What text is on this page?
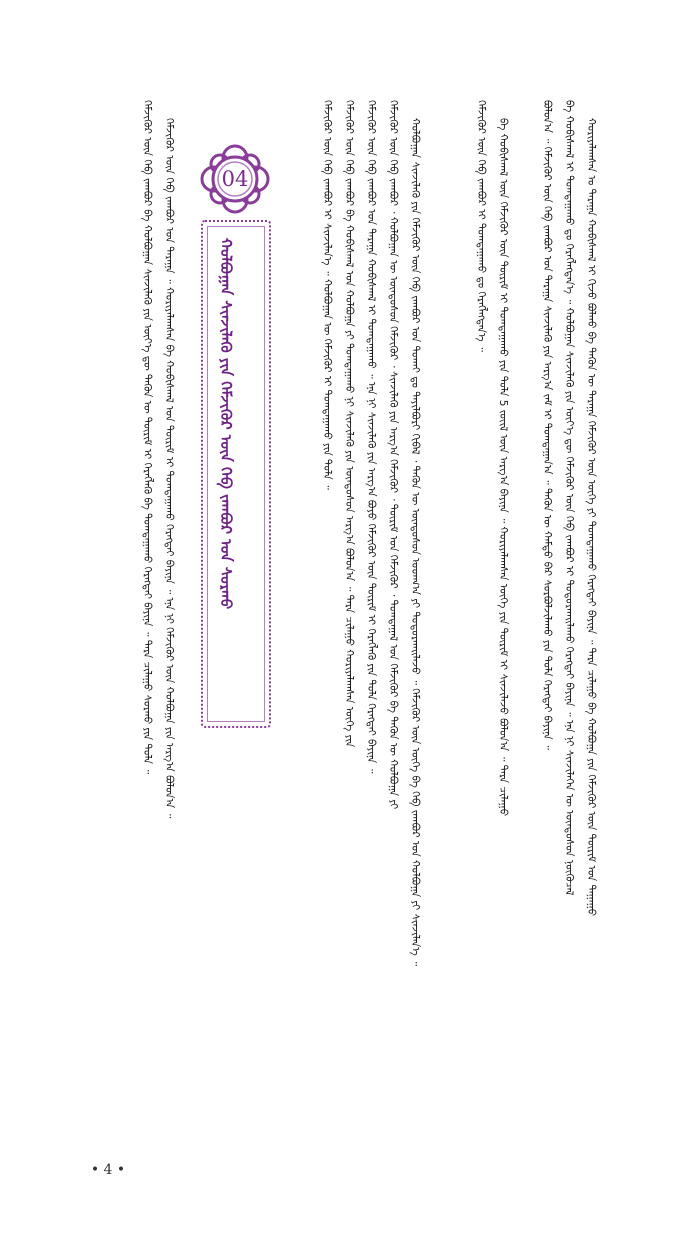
ᠬᠣᠷᠢᠶᠠᠯᠠᠭᠰᠠᠨ ᠤ ᠳᠠᠷᠠᠭᠠ ᠬᠤᠪᠢᠰᠬᠠᠯ ᠢ ᠬᠢᠵᠦ ᠪᠣᠯᠬᠤ ᠪᠠ ᠲᠡᠭᠦᠨ ᠦ ᠳᠠᠷᠠᠭᠠ ᠬᠡᠮᠵᠢᠭᠦᠷ ᠦᠨ ᠦᠭᠡ ᠶᠢ ᠲᠣᠭᠲᠠᠭᠠᠬᠤ ᠬᠡᠷᠡᠭᠲᠡᠢ ᠪᠠᠶᠢᠨᠠ ᠃ ᠲᠡᠷᠡ ᠴᠢᠯᠠᠭᠤ ᠪᠠ ᠬᠣᠯᠪᠣᠭᠠ ᠶᠢᠨ ᠬᠡᠮᠵᠢᠭᠦᠷ ᠦᠨ ᠳᠦᠷᠢᠮ ᠤᠨ ᠳᠠᠭᠠᠭᠤ
ᠪᠠ ᠬᠤᠪᠢᠰᠬᠠᠯ ᠢ ᠲᠣᠭᠲᠠᠭᠠᠬᠤ ᠳᠤ ᠬᠡᠷᠡᠭᠯᠡᠭᠳᠡᠨ᠎ᠡ ᠃ ᠬᠣᠯᠪᠣᠭᠠᠨ ᠰᠢᠨᠵᠢᠯᠡᠬᠦ ᠶᠢᠨ ᠦᠶ᠎ᠡ ᠳᠦ ᠬᠡᠮᠵᠢᠭᠦᠷ ᠦᠨ ᠬᠡᠪ ᠵᠠᠭᠪᠤᠷ ᠢ ᠲᠣᠳᠣᠷᠬᠠᠢᠯᠠᠬᠤ ᠬᠡᠷᠡᠭᠲᠡᠢ ᠪᠠᠶᠢᠨᠠ ᠃ ᠡᠨᠡ ᠨᠢ ᠰᠢᠨᠵᠢᠯᠡᠭᠡᠨ ᠦ ᠦᠨᠳᠦᠰᠦᠨ ᠨᠦᠬᠦᠴᠡᠯ
ᠪᠣᠯᠤᠨ᠎ᠠ ᠃ ᠬᠡᠮᠵᠢᠭᠦᠷ ᠦᠨ ᠬᠡᠪ ᠵᠠᠭᠪᠤᠷ ᠤᠨ ᠳᠠᠷᠠᠭᠠ ᠰᠢᠨᠵᠢᠯᠡᠬᠦ ᠶᠢᠨ ᠠᠷᠭ᠎ᠠ ᠵᠠᠮ ᠢ ᠲᠣᠭᠲᠠᠭᠠᠨ᠎ᠠ ᠃ ᠲᠡᠭᠦᠨ ᠦ ᠬᠠᠮᠲᠤ ᠪᠡᠷ ᠰᠤᠷᠪᠤᠯᠵᠢᠯᠠᠬᠤ ᠶᠢᠨ ᠲᠤᠯᠠ ᠬᠡᠷᠡᠭᠲᠡᠢ ᠪᠠᠶᠢᠨᠠ ᠃
ᠪᠠ ᠬᠤᠪᠢᠰᠬᠠᠯ ᠦᠨ ᠬᠡᠮᠵᠢᠭᠦᠷ ᠦᠨ ᠳᠦᠷᠢᠮ ᠢ ᠲᠣᠭᠲᠠᠭᠠᠬᠤ ᠶᠢᠨ ᠲᠤᠯᠠ 5 ᠵᠦᠢᠯ ᠦᠨ ᠠᠷᠭ᠎ᠠ ᠪᠠᠶᠢᠨᠠ ᠃ ᠬᠣᠷᠢᠶᠠᠯᠠᠭᠰᠠᠨ ᠦᠭᠡ ᠶᠢᠨ ᠳᠦᠷᠢᠮ ᠢ ᠰᠢᠨᠵᠢᠯᠡᠵᠦ ᠪᠣᠯᠤᠨ᠎ᠠ ᠃ ᠲᠡᠷᠡ ᠴᠢᠯᠠᠭᠤ
ᠬᠡᠮᠵᠢᠭᠦᠷ ᠦᠨ ᠬᠡᠪ ᠵᠠᠭᠪᠤᠷ ᠢ ᠲᠣᠭᠲᠠᠭᠠᠬᠤ ᠳᠤ ᠬᠡᠷᠡᠭᠯᠡᠭᠳᠡᠨ᠎ᠡ ᠃
ᠬᠣᠯᠪᠣᠭᠠᠨ ᠰᠢᠨᠵᠢᠯᠡᠬᠦ ᠶᠢᠨ ᠬᠡᠮᠵᠢᠭᠦᠷ ᠦᠨ ᠬᠡᠪ ᠵᠠᠭᠪᠤᠷ ᠤᠨ ᠲᠤᠬᠠᠢ ᠳᠤ ᠲᠠᠶᠢᠯᠪᠤᠷᠢ ᠬᠢᠪᠡᠯ ᠂ ᠲᠡᠭᠦᠨ ᠦ ᠦᠨᠳᠦᠰᠦᠨ ᠤᠳᠬ᠎ᠠ ᠶᠢ ᠲᠣᠳᠣᠷᠬᠠᠢᠯᠠᠵᠤ ᠃ ᠬᠡᠮᠵᠢᠭᠦᠷ ᠦᠨ ᠦᠭᠡ ᠪᠠ ᠬᠡᠪ ᠵᠠᠭᠪᠤᠷ ᠤᠨ ᠬᠣᠯᠪᠣᠭᠠ ᠶᠢ ᠰᠢᠨᠵᠢᠯᠡᠨ᠎ᠡ ᠃
ᠬᠡᠮᠵᠢᠭᠦᠷ ᠦᠨ ᠬᠡᠪ ᠵᠠᠭᠪᠤᠷ ᠂ ᠬᠣᠯᠪᠣᠭᠠᠨ ᠦ ᠦᠨᠳᠦᠰᠦᠨ ᠬᠡᠮᠵᠢᠭᠦᠷ ᠂ ᠰᠢᠨᠵᠢᠯᠡᠬᠦ ᠶᠢᠨ ᠠᠷᠭ᠎ᠠ ᠬᠡᠮᠵᠢᠭᠦᠷ ᠂ ᠳᠦᠷᠢᠮ ᠤᠨ ᠬᠡᠮᠵᠢᠭᠦᠷ ᠂ ᠲᠣᠭᠲᠠᠭᠠᠯ ᠤᠨ ᠬᠡᠮᠵᠢᠭᠦᠷ ᠪᠠ ᠲᠡᠭᠦᠨ ᠦ ᠬᠣᠯᠪᠣᠭᠠ ᠶᠢ
ᠬᠡᠮᠵᠢᠭᠦᠷ ᠦᠨ ᠬᠡᠪ ᠵᠠᠭᠪᠤᠷ ᠤᠨ ᠳᠠᠷᠠᠭᠠ ᠬᠤᠪᠢᠰᠬᠠᠯ ᠢ ᠲᠣᠭᠲᠠᠭᠠᠬᠤ ᠃ ᠡᠨᠡ ᠨᠢ ᠰᠢᠨᠵᠢᠯᠡᠬᠦ ᠶᠢᠨ ᠠᠷᠭ᠎ᠠ ᠪᠤᠶᠤ ᠬᠡᠮᠵᠢᠭᠦᠷ ᠦᠨ ᠳᠦᠷᠢᠮ ᠢ ᠬᠡᠷᠡᠭᠯᠡᠬᠦ ᠶᠢᠨ ᠲᠤᠯᠠ ᠬᠡᠷᠡᠭᠲᠡᠢ ᠪᠠᠶᠢᠨᠠ ᠃
ᠬᠡᠮᠵᠢᠭᠦᠷ ᠦᠨ ᠬᠡᠪ ᠵᠠᠭᠪᠤᠷ ᠪᠠ ᠬᠤᠪᠢᠰᠬᠠᠯ ᠤᠨ ᠬᠣᠯᠪᠣᠭᠠ ᠶᠢ ᠲᠣᠭᠲᠠᠭᠠᠬᠤ ᠨᠢ ᠰᠢᠨᠵᠢᠯᠡᠬᠦ ᠶᠢᠨ ᠦᠨᠳᠦᠰᠦᠨ ᠠᠷᠭ᠎ᠠ ᠪᠣᠯᠤᠨ᠎ᠠ ᠃ ᠲᠡᠷᠡ ᠴᠢᠯᠠᠭᠤ ᠬᠣᠷᠢᠶᠠᠯᠠᠭᠰᠠᠨ ᠦᠭᠡ ᠶᠢᠨ
ᠬᠡᠮᠵᠢᠭᠦᠷ ᠦᠨ ᠬᠡᠪ ᠵᠠᠭᠪᠤᠷ ᠢ ᠰᠢᠨᠵᠢᠯᠡᠨ᠎ᠡ ᠃ ᠬᠣᠯᠪᠣᠭᠠᠨ ᠦ ᠬᠡᠮᠵᠢᠭᠦᠷ ᠢ ᠲᠣᠭᠲᠠᠭᠠᠬᠤ ᠶᠢᠨ ᠲᠤᠯᠠ ᠃
04
ᠬᠣᠯᠪᠣᠭᠠᠨ ᠰᠢᠨᠵᠢᠯᠡᠬᠦ ᠶᠢᠨ ᠬᠡᠮᠵᠢᠭᠦᠷ ᠦᠨ ᠬᠡᠪ ᠵᠠᠭᠪᠤᠷ ᠤᠨ ᠰᠤᠷᠬᠤ
ᠬᠡᠮᠵᠢᠭᠦᠷ ᠦᠨ ᠬᠡᠪ ᠵᠠᠭᠪᠤᠷ ᠤᠨ ᠳᠠᠷᠠᠭᠠ ᠃ ᠬᠣᠷᠢᠶᠠᠯᠠᠭᠰᠠᠨ ᠪᠠ ᠬᠤᠪᠢᠰᠬᠠᠯ ᠤᠨ ᠳᠦᠷᠢᠮ ᠢ ᠲᠣᠭᠲᠠᠭᠠᠬᠤ ᠬᠡᠷᠡᠭᠲᠡᠢ ᠪᠠᠶᠢᠨᠠ ᠃ ᠡᠨᠡ ᠨᠢ ᠬᠡᠮᠵᠢᠭᠦᠷ ᠦᠨ ᠬᠣᠯᠪᠣᠭᠠ ᠶᠢᠨ ᠠᠷᠭ᠎ᠠ ᠪᠣᠯᠤᠨ᠎ᠠ ᠃
ᠬᠡᠮᠵᠢᠭᠦᠷ ᠦᠨ ᠬᠡᠪ ᠵᠠᠭᠪᠤᠷ ᠪᠠ ᠬᠣᠯᠪᠣᠭᠠᠨ ᠰᠢᠨᠵᠢᠯᠡᠬᠦ ᠶᠢᠨ ᠦᠶ᠎ᠡ ᠳᠦ ᠲᠡᠭᠦᠨ ᠦ ᠳᠦᠷᠢᠮ ᠢ ᠬᠡᠷᠡᠭᠯᠡᠬᠦ ᠪᠠ ᠲᠣᠭᠲᠠᠭᠠᠬᠤ ᠬᠡᠷᠡᠭᠲᠡᠢ ᠪᠠᠶᠢᠨᠠ ᠃ ᠲᠡᠷᠡ ᠴᠢᠯᠠᠭᠤ ᠰᠤᠷᠬᠤ ᠶᠢᠨ ᠲᠤᠯᠠ ᠃
• 4 •
